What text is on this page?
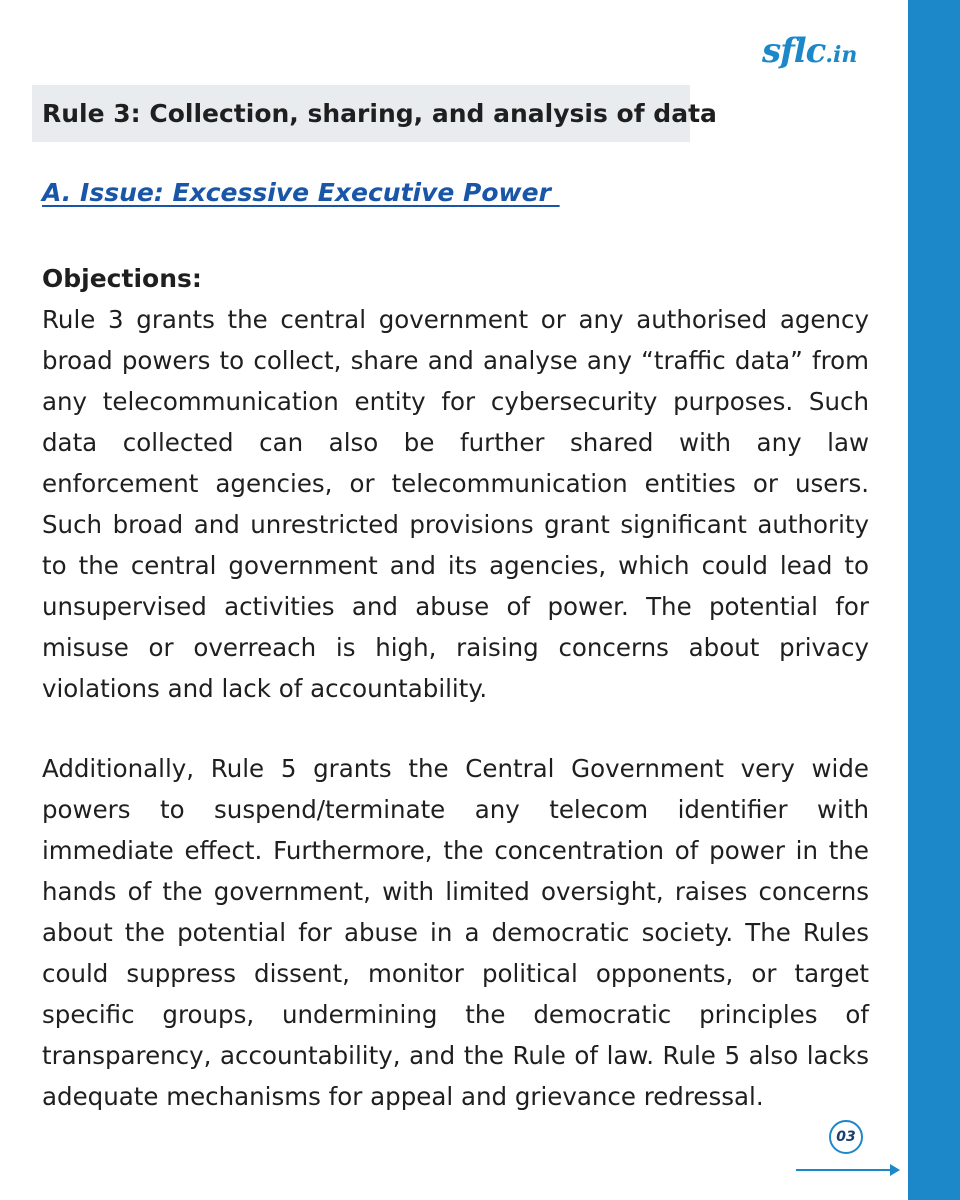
sflc.in
Rule 3: Collection, sharing, and analysis of data
A. Issue: Excessive Executive Power
Objections:

Rule 3 grants the central government or any authorised agency broad powers to collect, share and analyse any “traffic data” from any telecommunication entity for cybersecurity purposes. Such data collected can also be further shared with any law enforcement agencies, or telecommunication entities or users. Such broad and unrestricted provisions grant significant authority to the central government and its agencies, which could lead to unsupervised activities and abuse of power. The potential for misuse or overreach is high, raising concerns about privacy violations and lack of accountability.

Additionally, Rule 5 grants the Central Government very wide powers to suspend/terminate any telecom identifier with immediate effect. Furthermore, the concentration of power in the hands of the government, with limited oversight, raises concerns about the potential for abuse in a democratic society. The Rules could suppress dissent, monitor political opponents, or target specific groups, undermining the democratic principles of transparency, accountability, and the Rule of law. Rule 5 also lacks adequate mechanisms for appeal and grievance redressal.

03
